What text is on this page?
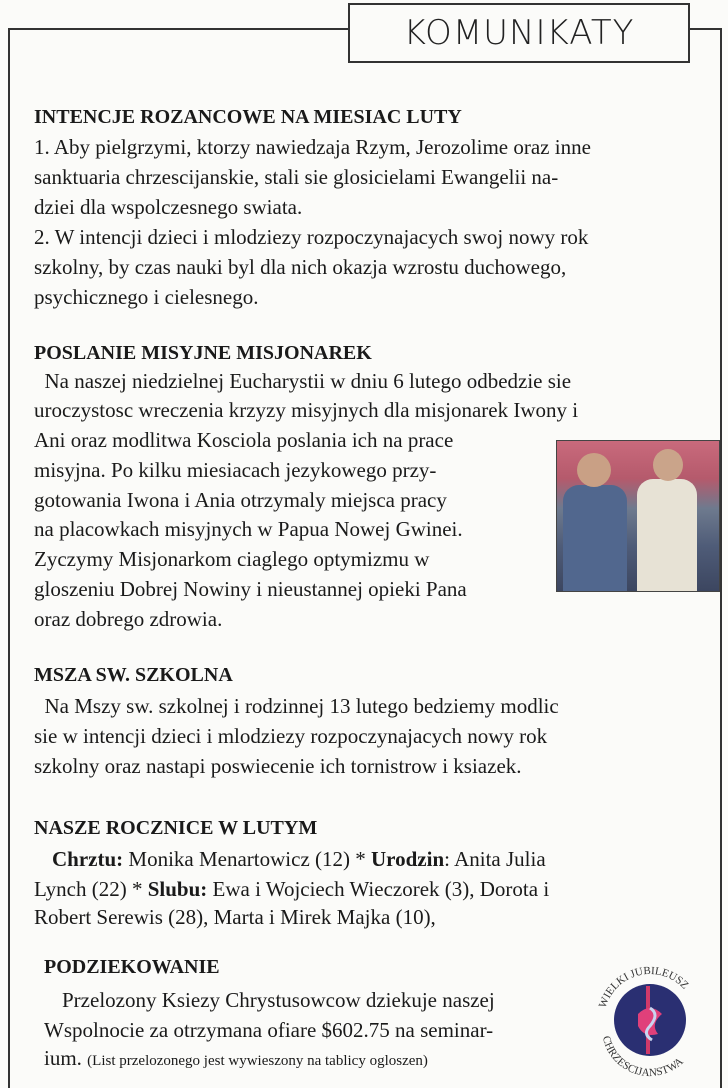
KOMUNIKATY
INTENCJE ROZANCOWE NA MIESIAC LUTY
1. Aby pielgrzymi, ktorzy nawiedzaja Rzym, Jerozolime oraz inne
sanktuaria chrzescijanskie, stali sie glosicielami Ewangelii na-
dziei dla wspolczesnego swiata.
2. W intencji dzieci i mlodziezy rozpoczynajacych swoj nowy rok
szkolny, by czas nauki byl dla nich okazja wzrostu duchowego,
psychicznego i cielesnego.
POSLANIE MISYJNE MISJONAREK
Na naszej niedzielnej Eucharystii w dniu 6 lutego odbedzie sie
uroczystosc wreczenia krzyzy misyjnych dla misjonarek Iwony i
Ani oraz modlitwa Kosciola poslania ich na prace
misyjna. Po kilku miesiacach jezykowego przy-
gotowania Iwona i Ania otrzymaly miejsca pracy
na placowkach misyjnych w Papua Nowej Gwinei.
Zyczymy Misjonarkom ciaglego optymizmu w
gloszeniu Dobrej Nowiny i nieustannej opieki Pana
oraz dobrego zdrowia.
MSZA SW. SZKOLNA
Na Mszy sw. szkolnej i rodzinnej 13 lutego bedziemy modlic
sie w intencji dzieci i mlodziezy rozpoczynajacych nowy rok
szkolny oraz nastapi poswiecenie ich tornistrow i ksiazek.
NASZE ROCZNICE W LUTYM
Chrztu: Monika Menartowicz (12) * Urodzin: Anita Julia
Lynch (22) * Slubu: Ewa i Wojciech Wieczorek (3), Dorota i
Robert Serewis (28), Marta i Mirek Majka (10),
PODZIEKOWANIE
Przelozony Ksiezy Chrystusowcow dziekuje naszej
Wspolnocie za otrzymana ofiare $602.75 na seminar-
ium. (List przelozonego jest wywieszony na tablicy ogloszen)
WIELKI JUBILEUSZ
CHRZESCIJANSTWA
